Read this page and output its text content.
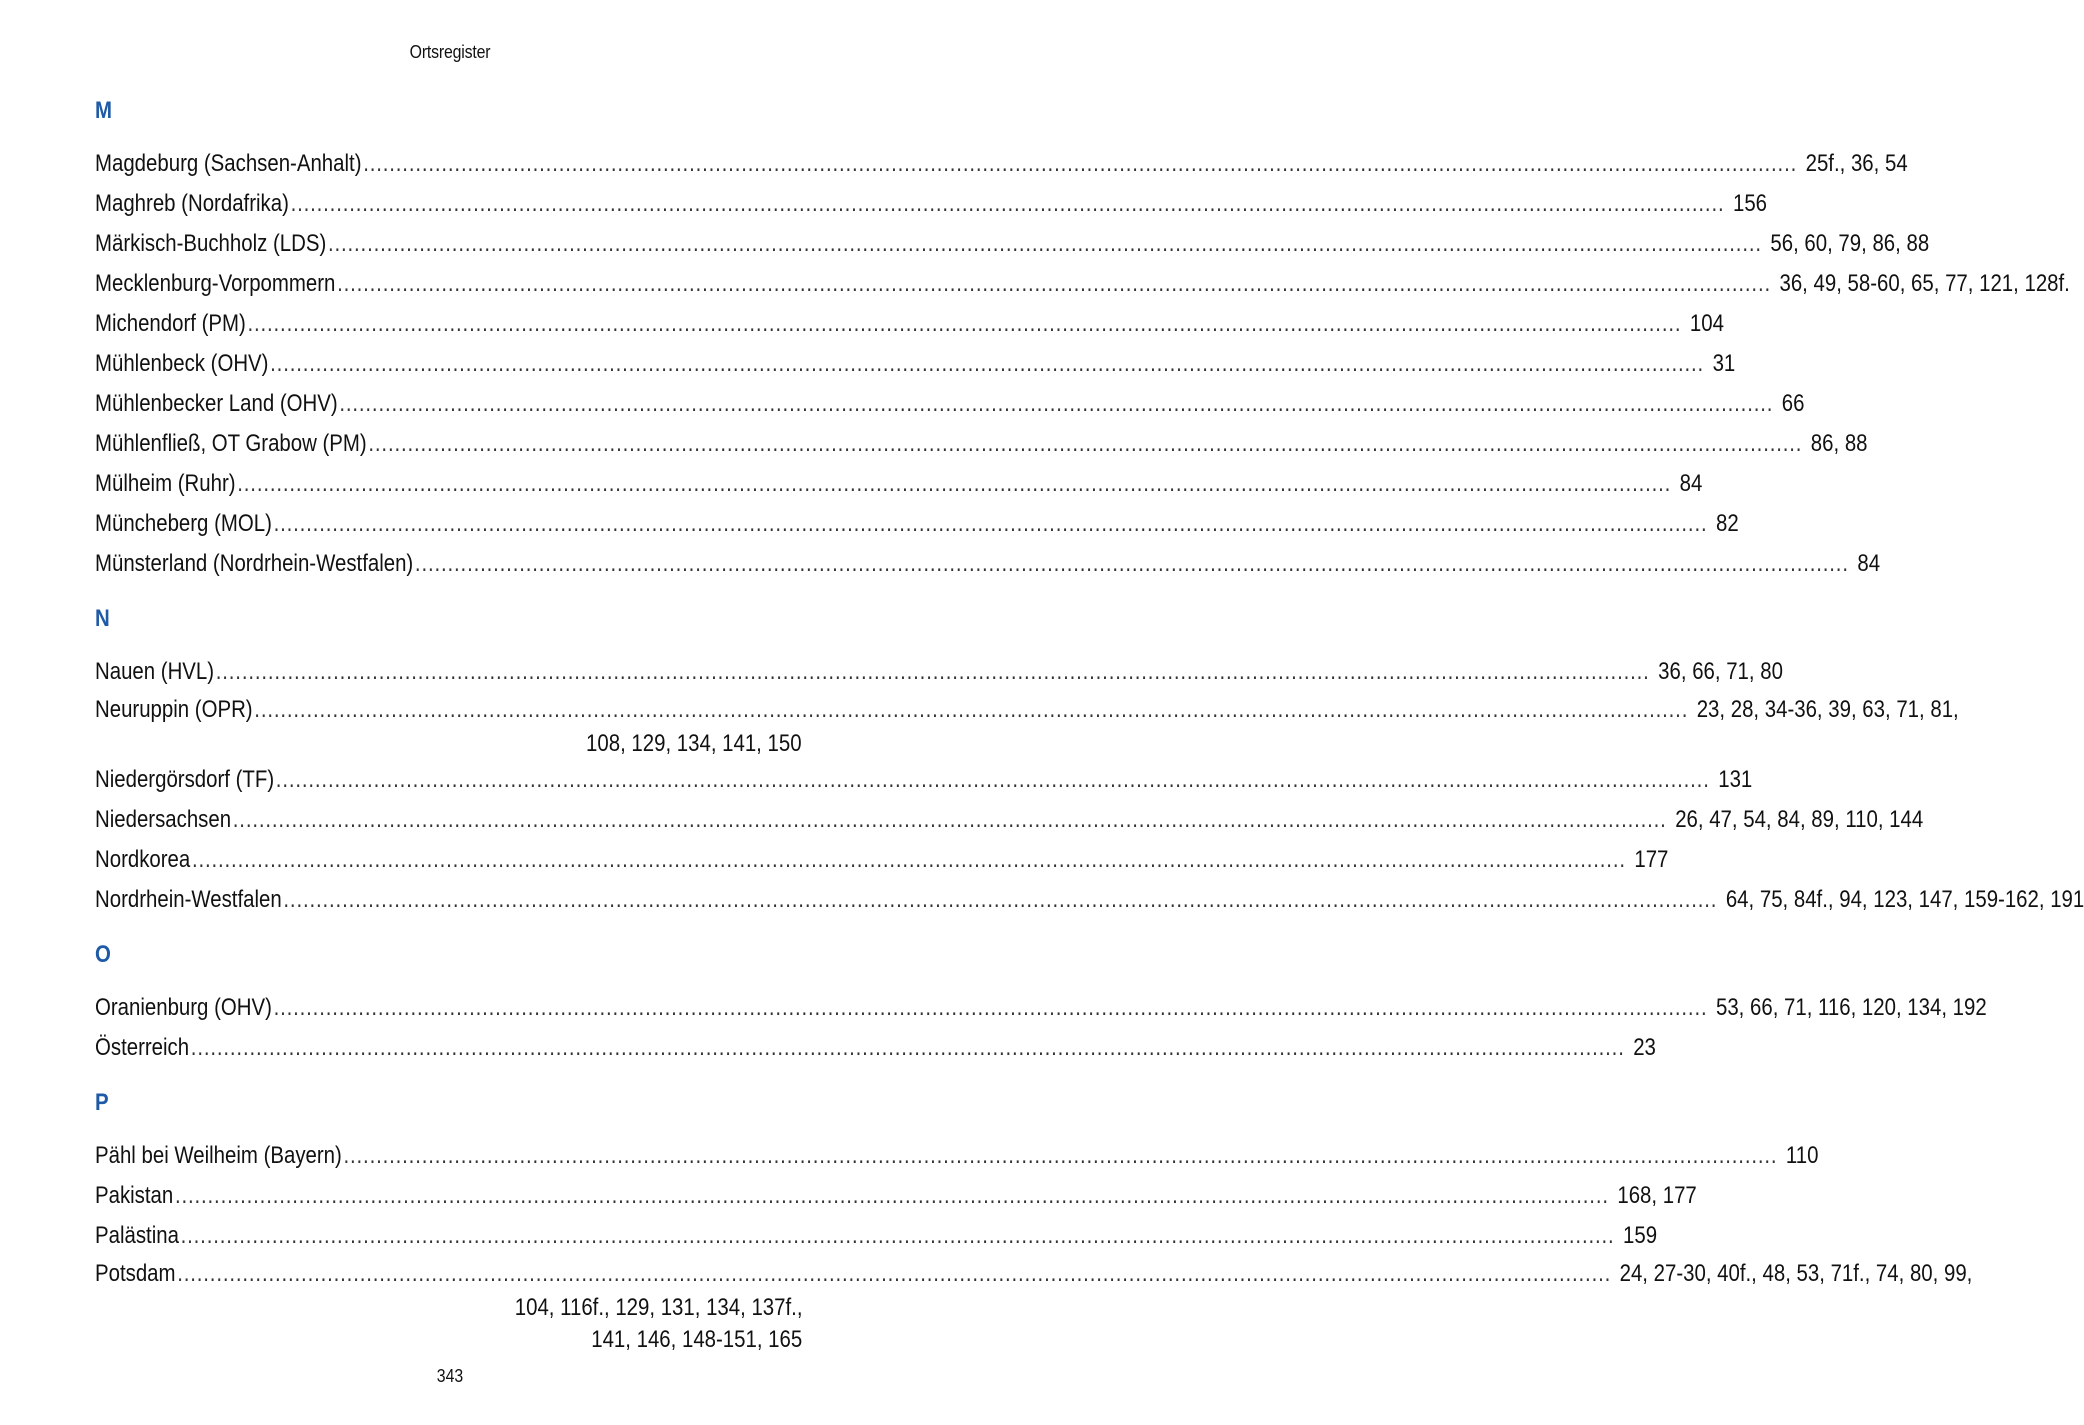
Ortsregister
M
Magdeburg (Sachsen-Anhalt) ............................................................................................................................................................................................................................ 25f., 36, 54
Maghreb (Nordafrika) ............................................................................................................................................................................................................................ 156
Märkisch-Buchholz (LDS) ............................................................................................................................................................................................................................ 56, 60, 79, 86, 88
Mecklenburg-Vorpommern ............................................................................................................................................................................................................................ 36, 49, 58-60, 65, 77, 121, 128f.
Michendorf (PM) ............................................................................................................................................................................................................................ 104
Mühlenbeck (OHV) ............................................................................................................................................................................................................................ 31
Mühlenbecker Land (OHV) ............................................................................................................................................................................................................................ 66
Mühlenfließ, OT Grabow (PM) ............................................................................................................................................................................................................................ 86, 88
Mülheim (Ruhr) ............................................................................................................................................................................................................................ 84
Müncheberg (MOL) ............................................................................................................................................................................................................................ 82
Münsterland (Nordrhein-Westfalen) ............................................................................................................................................................................................................................ 84
N
Nauen (HVL) ............................................................................................................................................................................................................................ 36, 66, 71, 80
Neuruppin (OPR) ............................................................................................................................................................................................................................ 23, 28, 34-36, 39, 63, 71, 81,
108, 129, 134, 141, 150
Niedergörsdorf (TF) ............................................................................................................................................................................................................................ 131
Niedersachsen ............................................................................................................................................................................................................................ 26, 47, 54, 84, 89, 110, 144
Nordkorea ............................................................................................................................................................................................................................ 177
Nordrhein-Westfalen ............................................................................................................................................................................................................................ 64, 75, 84f., 94, 123, 147, 159-162, 191
O
Oranienburg (OHV) ............................................................................................................................................................................................................................ 53, 66, 71, 116, 120, 134, 192
Österreich ............................................................................................................................................................................................................................ 23
P
Pähl bei Weilheim (Bayern) ............................................................................................................................................................................................................................ 110
Pakistan ............................................................................................................................................................................................................................ 168, 177
Palästina ............................................................................................................................................................................................................................ 159
Potsdam ............................................................................................................................................................................................................................ 24, 27-30, 40f., 48, 53, 71f., 74, 80, 99,
104, 116f., 129, 131, 134, 137f.,
141, 146, 148-151, 165
343
